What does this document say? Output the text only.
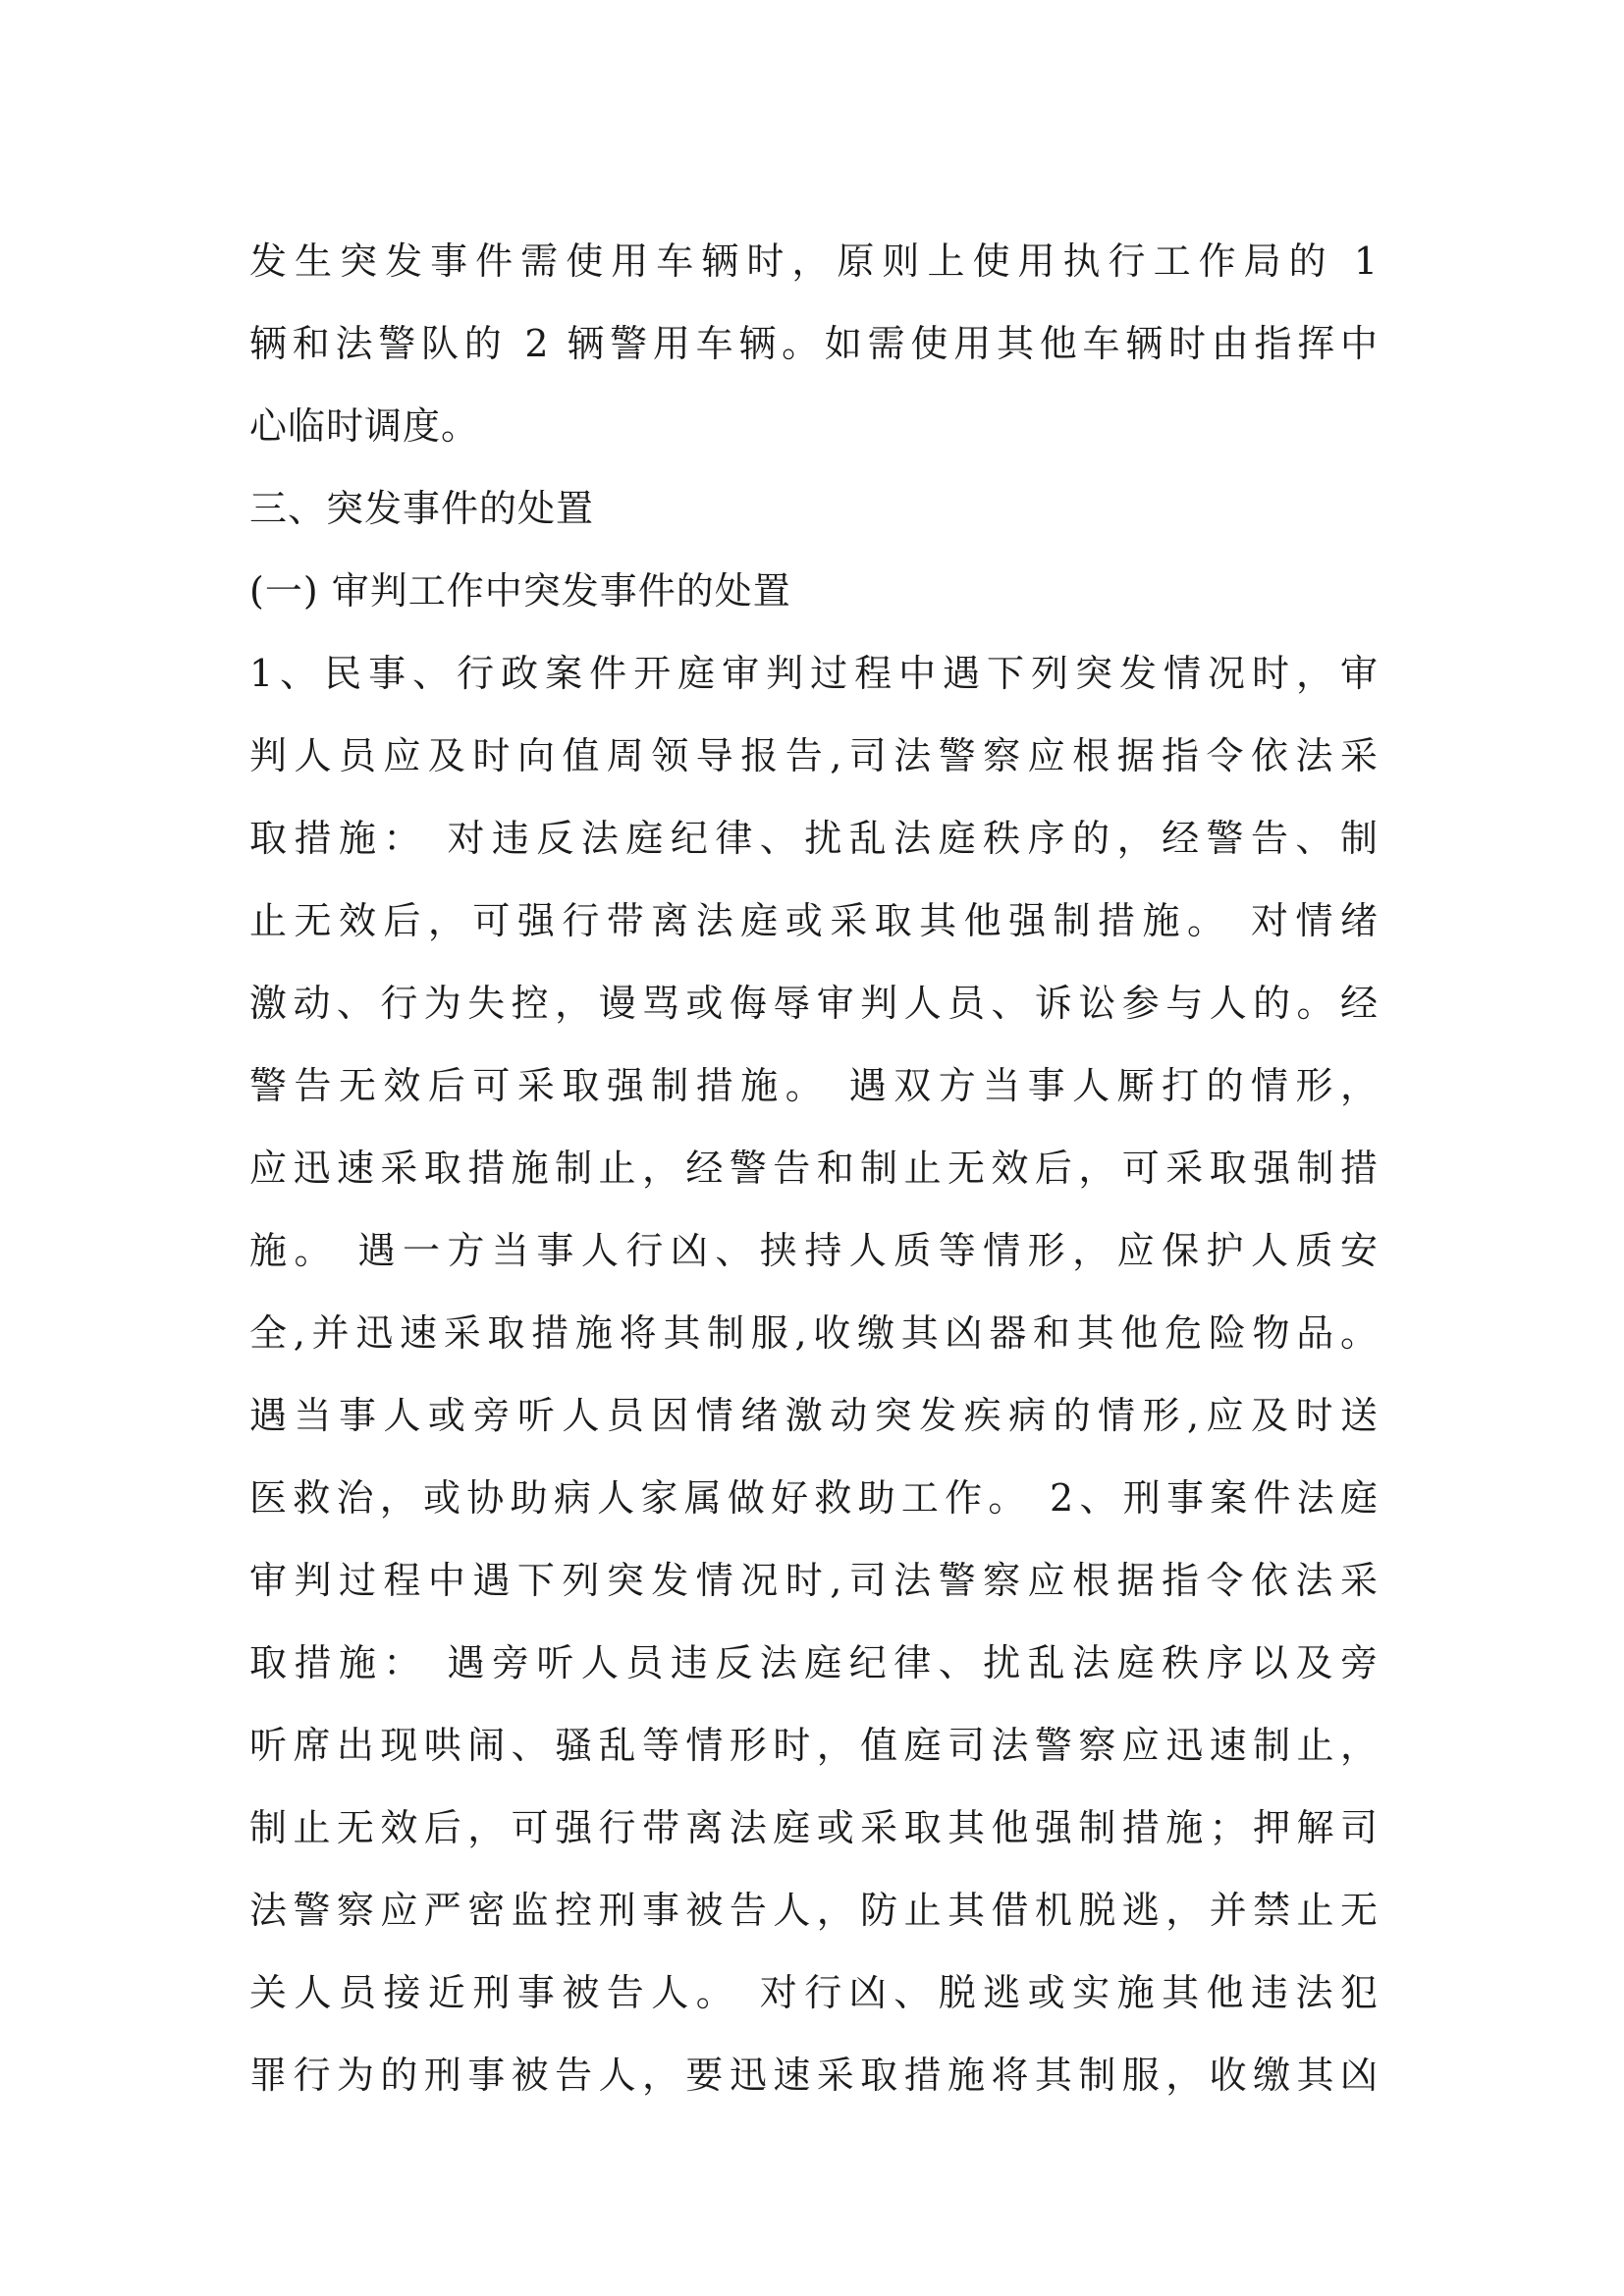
发生突发事件需使用车辆时，原则上使用执行工作局的 1
辆和法警队的 2 辆警用车辆。如需使用其他车辆时由指挥中
心临时调度。
三、突发事件的处置
(一) 审判工作中突发事件的处置
1、民事、行政案件开庭审判过程中遇下列突发情况时，审
判人员应及时向值周领导报告,司法警察应根据指令依法采
取措施： 对违反法庭纪律、扰乱法庭秩序的，经警告、制
止无效后，可强行带离法庭或采取其他强制措施。 对情绪
激动、行为失控，谩骂或侮辱审判人员、诉讼参与人的。经
警告无效后可采取强制措施。 遇双方当事人厮打的情形，
应迅速采取措施制止，经警告和制止无效后，可采取强制措
施。 遇一方当事人行凶、挟持人质等情形，应保护人质安
全,并迅速采取措施将其制服,收缴其凶器和其他危险物品。
遇当事人或旁听人员因情绪激动突发疾病的情形,应及时送
医救治，或协助病人家属做好救助工作。 2、刑事案件法庭
审判过程中遇下列突发情况时,司法警察应根据指令依法采
取措施： 遇旁听人员违反法庭纪律、扰乱法庭秩序以及旁
听席出现哄闹、骚乱等情形时，值庭司法警察应迅速制止，
制止无效后，可强行带离法庭或采取其他强制措施；押解司
法警察应严密监控刑事被告人，防止其借机脱逃，并禁止无
关人员接近刑事被告人。 对行凶、脱逃或实施其他违法犯
罪行为的刑事被告人，要迅速采取措施将其制服，收缴其凶
